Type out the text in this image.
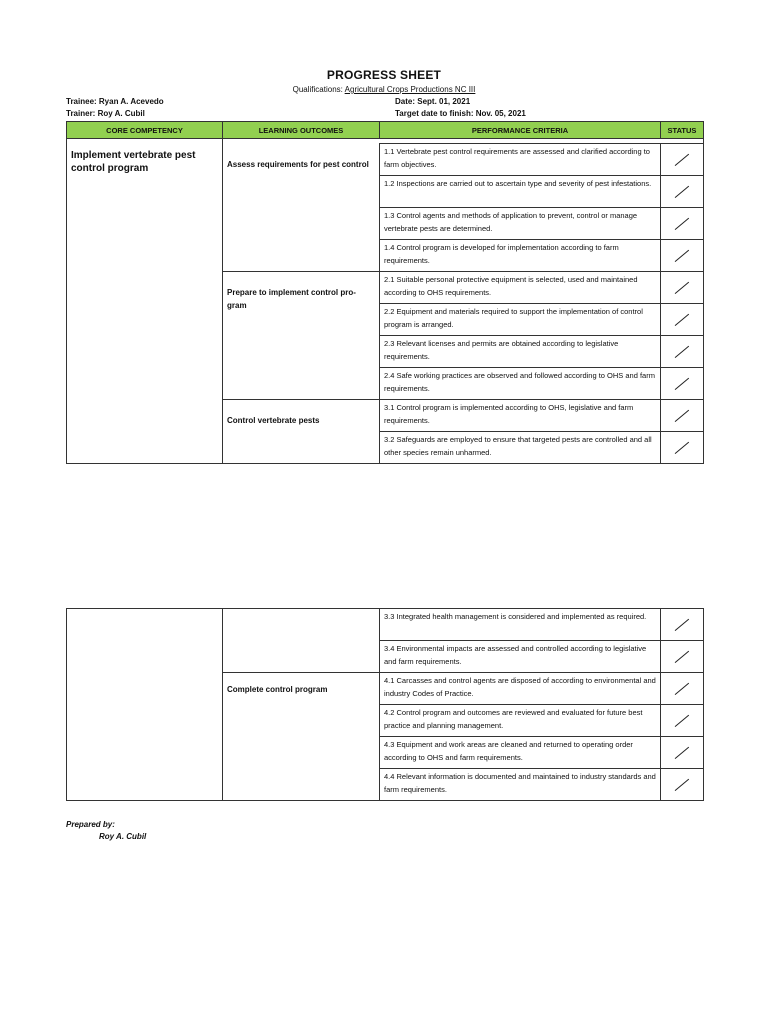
PROGRESS SHEET
Qualifications: Agricultural Crops Productions NC III
Trainee: Ryan A. Acevedo
Trainer: Roy A. Cubil
Date: Sept. 01, 2021
Target date to finish: Nov. 05, 2021
CORE COMPETENCY	LEARNING OUTCOMES	PERFORMANCE CRITERIA	STATUS
Implement vertebrate pest control program			
	Assess requirements for pest control	1.1 Vertebrate pest control requirements are assessed and clarified according to farm objectives.	

		1.2 Inspections are carried out to ascertain type and severity of pest infestations.	

		1.3 Control agents and methods of application to prevent, control or manage vertebrate pests are determined.	

		1.4 Control program is developed for implementation according to farm requirements.	

	Prepare to implement control pro-gram	2.1 Suitable personal protective equipment is selected, used and maintained according to OHS requirements.	

		2.2 Equipment and materials required to support the implementation of control program is arranged.	

		2.3 Relevant licenses and permits are obtained according to legislative requirements.	

		2.4 Safe working practices are observed and followed according to OHS and farm requirements.	

	Control vertebrate pests	3.1 Control program is implemented according to OHS, legislative and farm requirements.	

		3.2 Safeguards are employed to ensure that targeted pests are controlled and all other species remain unharmed.	
		3.3 Integrated health management is considered and implemented as required.	

		3.4 Environmental impacts are assessed and controlled according to legislative and farm requirements.	

	Complete control program	4.1 Carcasses and control agents are disposed of according to environmental and industry Codes of Practice.	

		4.2 Control program and outcomes are reviewed and evaluated for future best practice and planning management.	

		4.3 Equipment and work areas are cleaned and returned to operating order according to OHS and farm requirements.	

		4.4 Relevant information is documented and maintained to industry standards and farm requirements.	
Prepared by:
Roy A. Cubil
